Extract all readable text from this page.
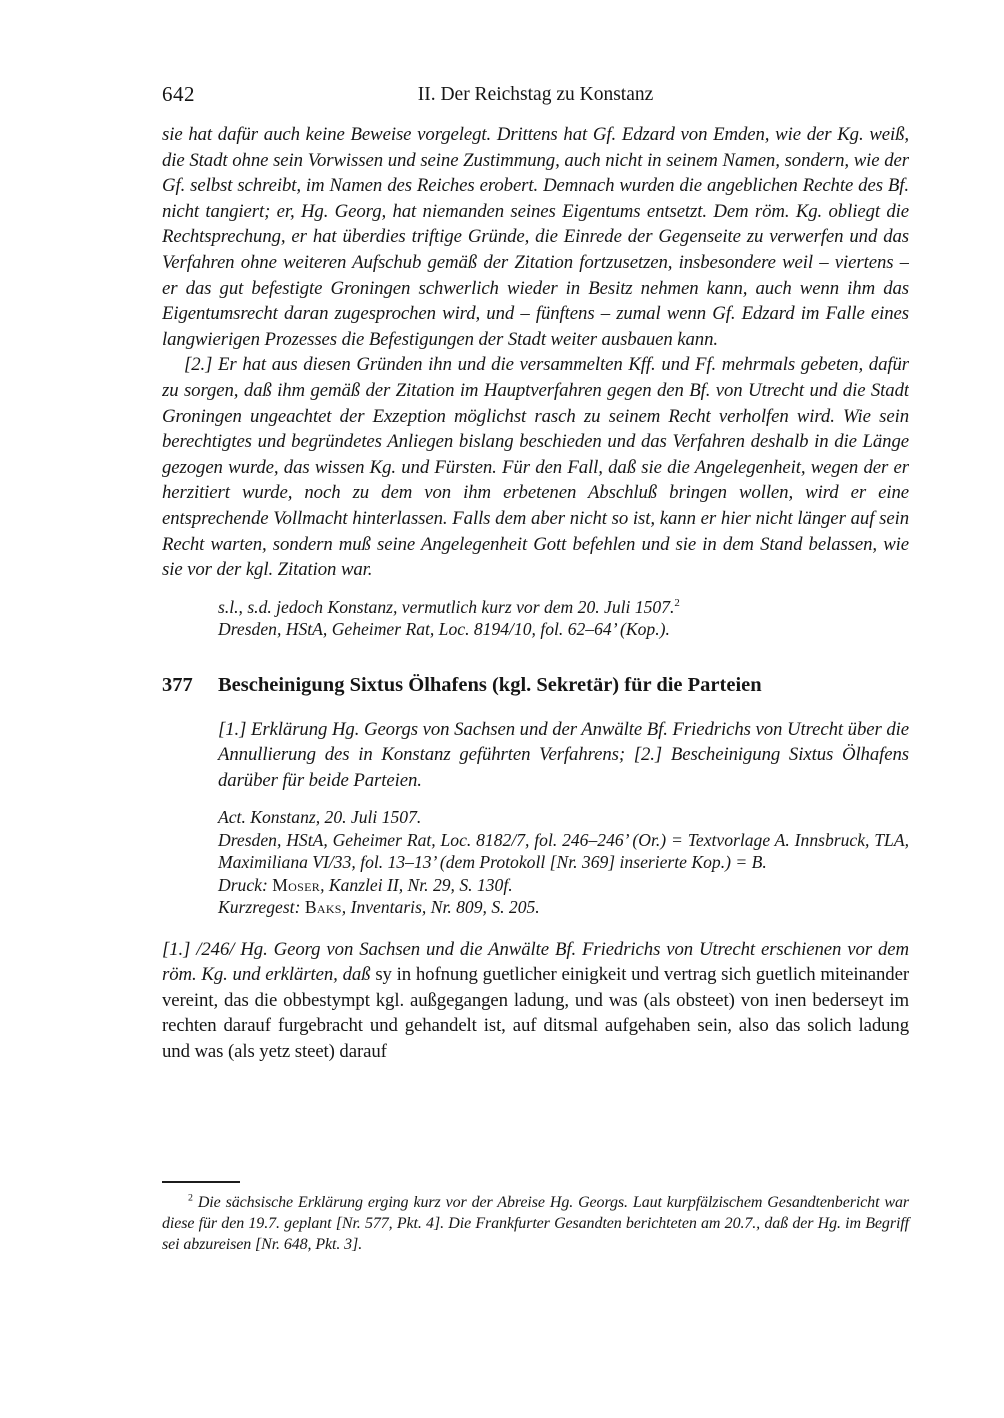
642	II. Der Reichstag zu Konstanz

sie hat dafür auch keine Beweise vorgelegt. Drittens hat Gf. Edzard von Emden, wie der Kg. weiß, die Stadt ohne sein Vorwissen und seine Zustimmung, auch nicht in seinem Namen, sondern, wie der Gf. selbst schreibt, im Namen des Reiches erobert. Demnach wurden die angeblichen Rechte des Bf. nicht tangiert; er, Hg. Georg, hat niemanden seines Eigentums entsetzt. Dem röm. Kg. obliegt die Rechtsprechung, er hat überdies triftige Gründe, die Einrede der Gegenseite zu verwerfen und das Verfahren ohne weiteren Aufschub gemäß der Zitation fortzusetzen, insbesondere weil – viertens – er das gut befestigte Groningen schwerlich wieder in Besitz nehmen kann, auch wenn ihm das Eigentumsrecht daran zugesprochen wird, und – fünftens – zumal wenn Gf. Edzard im Falle eines langwierigen Prozesses die Befestigungen der Stadt weiter ausbauen kann.

[2.] Er hat aus diesen Gründen ihn und die versammelten Kff. und Ff. mehrmals gebeten, dafür zu sorgen, daß ihm gemäß der Zitation im Hauptverfahren gegen den Bf. von Utrecht und die Stadt Groningen ungeachtet der Exzeption möglichst rasch zu seinem Recht verholfen wird. Wie sein berechtigtes und begründetes Anliegen bislang beschieden und das Verfahren deshalb in die Länge gezogen wurde, das wissen Kg. und Fürsten. Für den Fall, daß sie die Angelegenheit, wegen der er herzitiert wurde, noch zu dem von ihm erbetenen Abschluß bringen wollen, wird er eine entsprechende Vollmacht hinterlassen. Falls dem aber nicht so ist, kann er hier nicht länger auf sein Recht warten, sondern muß seine Angelegenheit Gott befehlen und sie in dem Stand belassen, wie sie vor der kgl. Zitation war.

s.l., s.d. jedoch Konstanz, vermutlich kurz vor dem 20. Juli 1507.$^2$

Dresden, HStA, Geheimer Rat, Loc. 8194/10, fol. 62–64’ (Kop.).

377 Bescheinigung Sixtus Ölhafens (kgl. Sekretär) für die Parteien

[1.] Erklärung Hg. Georgs von Sachsen und der Anwälte Bf. Friedrichs von Utrecht über die Annullierung des in Konstanz geführten Verfahrens; [2.] Bescheinigung Sixtus Ölhafens darüber für beide Parteien.

Act. Konstanz, 20. Juli 1507.

Dresden, HStA, Geheimer Rat, Loc. 8182/7, fol. 246–246’ (Or.) = Textvorlage A. Innsbruck, TLA, Maximiliana VI/33, fol. 13–13’ (dem Protokoll [Nr. 369] inserierte Kop.) = B.

Druck: Moser, Kanzlei II, Nr. 29, S. 130f.

Kurzregest: Baks, Inventaris, Nr. 809, S. 205.

[1.] /246/ Hg. Georg von Sachsen und die Anwälte Bf. Friedrichs von Utrecht erschienen vor dem röm. Kg. und erklärten, daß sy in hofnung guetlicher einigkeit und vertrag sich guetlich miteinander vereint, das die obbestympt kgl. außgegangen ladung, und was (als obsteet) von inen bederseyt im rechten darauf furgebracht und gehandelt ist, auf ditsmal aufgehaben sein, also das solich ladung und was (als yetz steet) darauf

$^2$ Die sächsische Erklärung erging kurz vor der Abreise Hg. Georgs. Laut kurpfälzischem Gesandtenbericht war diese für den 19.7. geplant [Nr. 577, Pkt. 4]. Die Frankfurter Gesandten berichteten am 20.7., daß der Hg. im Begriff sei abzureisen [Nr. 648, Pkt. 3].
